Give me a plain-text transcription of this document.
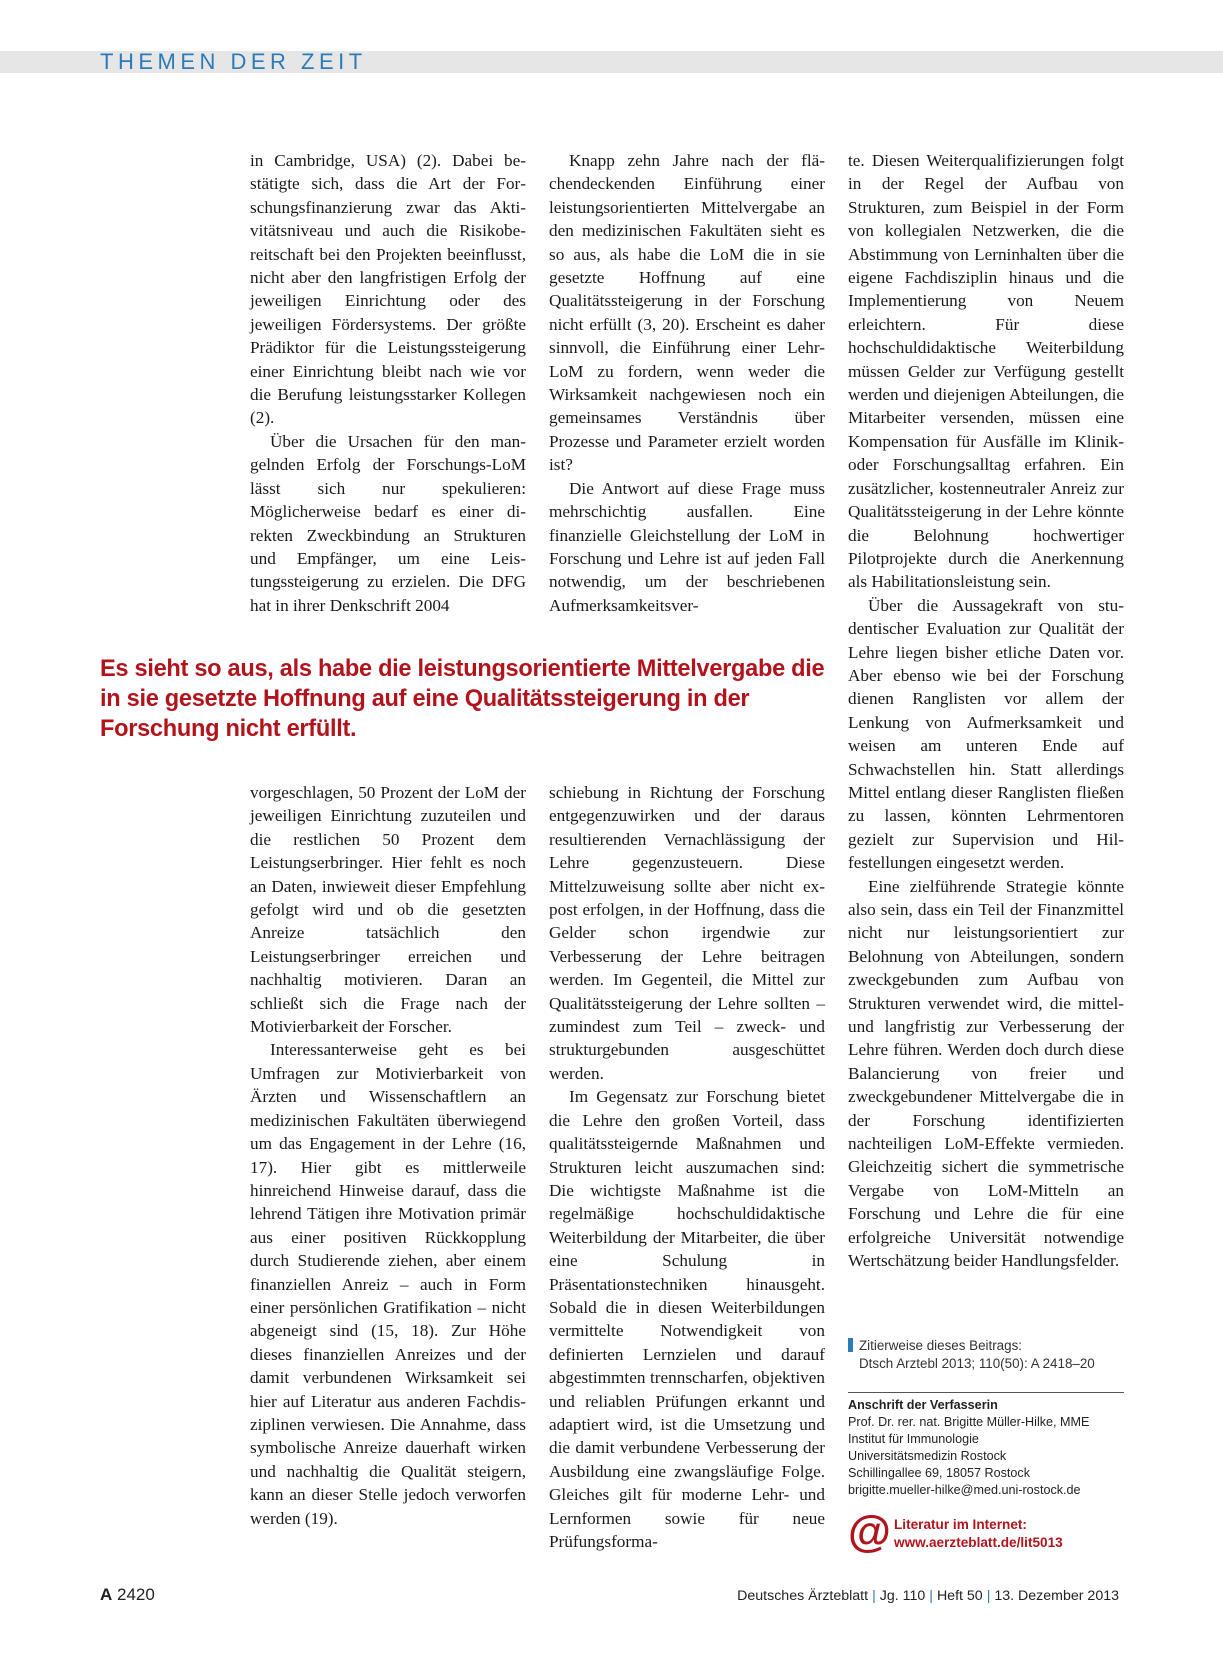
THEMEN DER ZEIT

in Cambridge, USA) (2). Dabei bestätigte sich, dass die Art der Forschungsfinanzierung zwar das Aktivitätsniveau und auch die Risikobereitschaft bei den Projekten beeinflusst, nicht aber den langfristigen Erfolg der jeweiligen Einrichtung oder des jeweiligen Fördersystems. Der größte Prädiktor für die Leistungssteigerung einer Einrichtung bleibt nach wie vor die Berufung leistungsstarker Kollegen (2).

Über die Ursachen für den mangelnden Erfolg der Forschungs-LoM lässt sich nur spekulieren: Möglicherweise bedarf es einer direkten Zweckbindung an Strukturen und Empfänger, um eine Leistungssteigerung zu erzielen. Die DFG hat in ihrer Denkschrift 2004

Knapp zehn Jahre nach der flächendeckenden Einführung einer leistungsorientierten Mittelvergabe an den medizinischen Fakultäten sieht es so aus, als habe die LoM die in sie gesetzte Hoffnung auf eine Qualitätssteigerung in der Forschung nicht erfüllt (3, 20). Erscheint es daher sinnvoll, die Einführung einer Lehr-LoM zu fordern, wenn weder die Wirksamkeit nachgewiesen noch ein gemeinsames Verständnis über Prozesse und Parameter erzielt worden ist?

Die Antwort auf diese Frage muss mehrschichtig ausfallen. Eine finanzielle Gleichstellung der LoM in Forschung und Lehre ist auf jeden Fall notwendig, um der beschriebenen Aufmerksamkeitsver-

te. Diesen Weiterqualifizierungen folgt in der Regel der Aufbau von Strukturen, zum Beispiel in der Form von kollegialen Netzwerken, die die Abstimmung von Lerninhalten über die eigene Fachdisziplin hinaus und die Implementierung von Neuem erleichtern. Für diese hochschuldidaktische Weiterbildung müssen Gelder zur Verfügung gestellt werden und diejenigen Abteilungen, die Mitarbeiter versenden, müssen eine Kompensation für Ausfälle im Klinik- oder Forschungsalltag erfahren. Ein zusätzlicher, kostenneutraler Anreiz zur Qualitätssteigerung in der Lehre könnte die Belohnung hochwertiger Pilotprojekte durch die Anerkennung als Habilitationsleistung sein.

Über die Aussagekraft von studentischer Evaluation zur Qualität der Lehre liegen bisher etliche Daten vor. Aber ebenso wie bei der Forschung dienen Ranglisten vor allem der Lenkung von Aufmerksamkeit und weisen am unteren Ende auf Schwachstellen hin. Statt allerdings Mittel entlang dieser Ranglisten fließen zu lassen, könnten Lehrmentoren gezielt zur Supervision und Hilfestellungen eingesetzt werden.

Eine zielführende Strategie könnte also sein, dass ein Teil der Finanzmittel nicht nur leistungsorientiert zur Belohnung von Abteilungen, sondern zweckgebunden zum Aufbau von Strukturen verwendet wird, die mittel- und langfristig zur Verbesserung der Lehre führen. Werden doch durch diese Balancierung von freier und zweckgebundener Mittelvergabe die in der Forschung identifizierten nachteiligen LoM-Effekte vermieden. Gleichzeitig sichert die symmetrische Vergabe von LoM-Mitteln an Forschung und Lehre die für eine erfolgreiche Universität notwendige Wertschätzung beider Handlungsfelder.

Es sieht so aus, als habe die leistungsorientierte Mittelvergabe die in sie gesetzte Hoffnung auf eine Qualitätssteigerung in der Forschung nicht erfüllt.

vorgeschlagen, 50 Prozent der LoM der jeweiligen Einrichtung zuzuteilen und die restlichen 50 Prozent dem Leistungserbringer. Hier fehlt es noch an Daten, inwieweit dieser Empfehlung gefolgt wird und ob die gesetzten Anreize tatsächlich den Leistungserbringer erreichen und nachhaltig motivieren. Daran an schließt sich die Frage nach der Motivierbarkeit der Forscher.

Interessanterweise geht es bei Umfragen zur Motivierbarkeit von Ärzten und Wissenschaftlern an medizinischen Fakultäten überwiegend um das Engagement in der Lehre (16, 17). Hier gibt es mittlerweile hinreichend Hinweise darauf, dass die lehrend Tätigen ihre Motivation primär aus einer positiven Rückkopplung durch Studierende ziehen, aber einem finanziellen Anreiz – auch in Form einer persönlichen Gratifikation – nicht abgeneigt sind (15, 18). Zur Höhe dieses finanziellen Anreizes und der damit verbundenen Wirksamkeit sei hier auf Literatur aus anderen Fachdisziplinen verwiesen. Die Annahme, dass symbolische Anreize dauerhaft wirken und nachhaltig die Qualität steigern, kann an dieser Stelle jedoch verworfen werden (19).

schiebung in Richtung der Forschung entgegenzuwirken und der daraus resultierenden Vernachlässigung der Lehre gegenzusteuern. Diese Mittelzuweisung sollte aber nicht ex-post erfolgen, in der Hoffnung, dass die Gelder schon irgendwie zur Verbesserung der Lehre beitragen werden. Im Gegenteil, die Mittel zur Qualitätssteigerung der Lehre sollten – zumindest zum Teil – zweck- und strukturgebunden ausgeschüttet werden.

Im Gegensatz zur Forschung bietet die Lehre den großen Vorteil, dass qualitätssteigernde Maßnahmen und Strukturen leicht auszumachen sind: Die wichtigste Maßnahme ist die regelmäßige hochschuldidaktische Weiterbildung der Mitarbeiter, die über eine Schulung in Präsentationstechniken hinausgeht. Sobald die in diesen Weiterbildungen vermittelte Notwendigkeit von definierten Lernzielen und darauf abgestimmten trennscharfen, objektiven und reliablen Prüfungen erkannt und adaptiert wird, ist die Umsetzung und die damit verbundene Verbesserung der Ausbildung eine zwangsläufige Folge. Gleiches gilt für moderne Lehr- und Lernformen sowie für neue Prüfungsforma-

Zitierweise dieses Beitrags:
Dtsch Arztebl 2013; 110(50): A 2418–20
Anschrift der Verfasserin
Prof. Dr. rer. nat. Brigitte Müller-Hilke, MME
Institut für Immunologie
Universitätsmedizin Rostock
Schillingallee 69, 18057 Rostock
brigitte.mueller-hilke@med.uni-rostock.de
@ Literatur im Internet:
www.aerzteblatt.de/lit5013
A 2420	Deutsches Ärzteblatt | Jg. 110 | Heft 50 | 13. Dezember 2013
